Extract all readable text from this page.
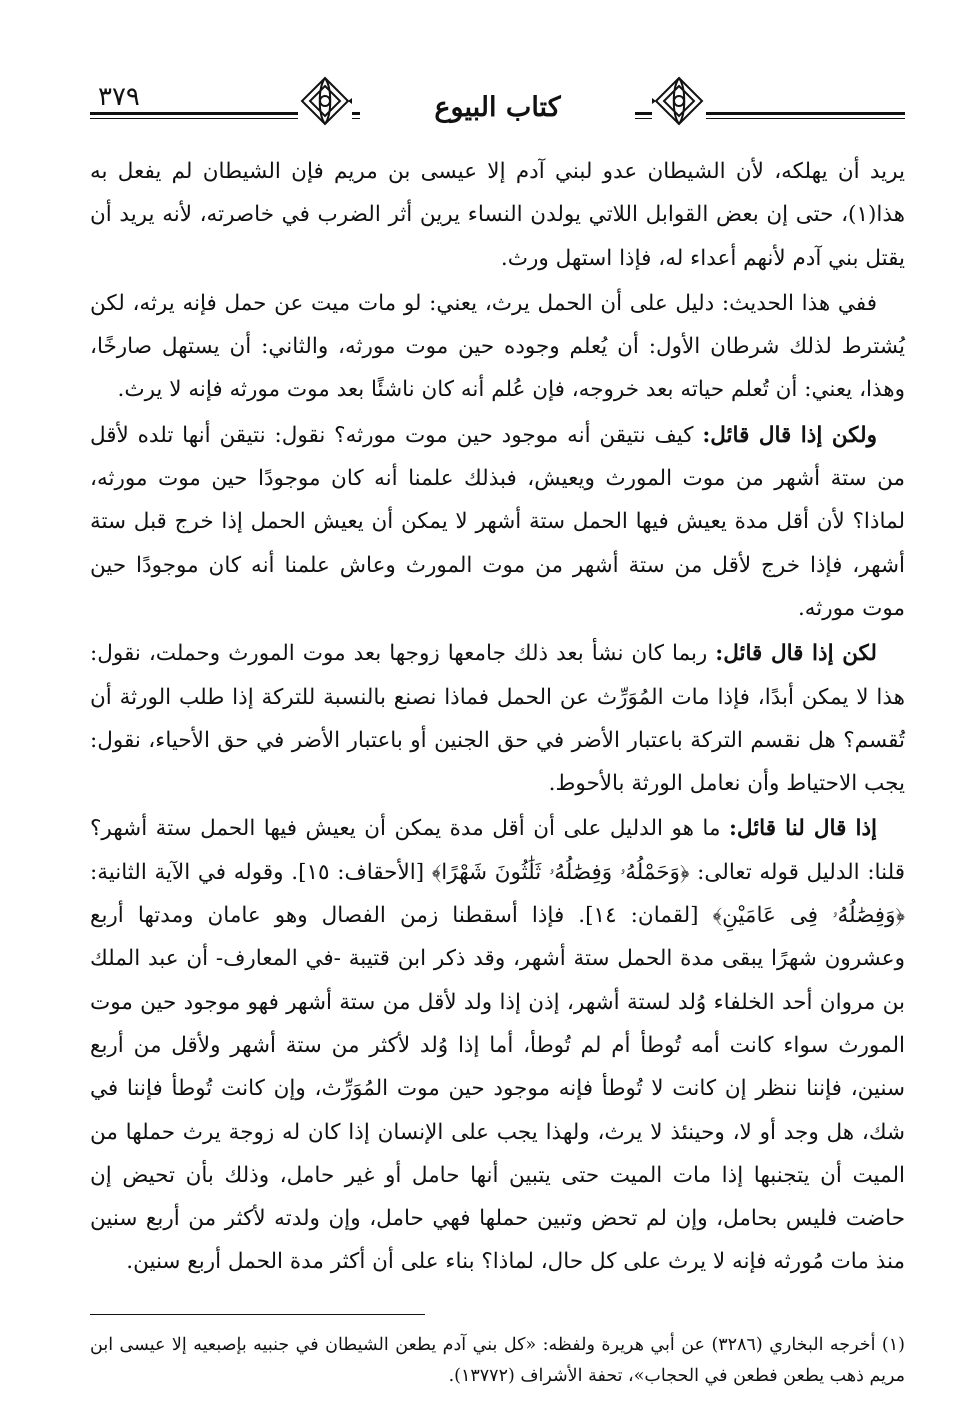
٣٧٩	كتاب البيوع

يريد أن يهلكه، لأن الشيطان عدو لبني آدم إلا عيسى بن مريم فإن الشيطان لم يفعل به هذا(١)، حتى إن بعض القوابل اللاتي يولدن النساء يرين أثر الضرب في خاصرته، لأنه يريد أن يقتل بني آدم لأنهم أعداء له، فإذا استهل ورث.

ففي هذا الحديث: دليل على أن الحمل يرث، يعني: لو مات ميت عن حمل فإنه يرثه، لكن يُشترط لذلك شرطان الأول: أن يُعلم وجوده حين موت مورثه، والثاني: أن يستهل صارخًا، وهذا، يعني: أن تُعلم حياته بعد خروجه، فإن عُلم أنه كان ناشئًا بعد موت مورثه فإنه لا يرث.

ولكن إذا قال قائل: كيف نتيقن أنه موجود حين موت مورثه؟ نقول: نتيقن أنها تلده لأقل من ستة أشهر من موت المورث ويعيش، فبذلك علمنا أنه كان موجودًا حين موت مورثه، لماذا؟ لأن أقل مدة يعيش فيها الحمل ستة أشهر لا يمكن أن يعيش الحمل إذا خرج قبل ستة أشهر، فإذا خرج لأقل من ستة أشهر من موت المورث وعاش علمنا أنه كان موجودًا حين موت مورثه.

لكن إذا قال قائل: ربما كان نشأ بعد ذلك جامعها زوجها بعد موت المورث وحملت، نقول: هذا لا يمكن أبدًا، فإذا مات المُوَرِّث عن الحمل فماذا نصنع بالنسبة للتركة إذا طلب الورثة أن تُقسم؟ هل نقسم التركة باعتبار الأضر في حق الجنين أو باعتبار الأضر في حق الأحياء، نقول: يجب الاحتياط وأن نعامل الورثة بالأحوط.

إذا قال لنا قائل: ما هو الدليل على أن أقل مدة يمكن أن يعيش فيها الحمل ستة أشهر؟ قلنا: الدليل قوله تعالى: ﴿وَحَمْلُهُۥ وَفِصَٰلُهُۥ ثَلَٰثُونَ شَهْرًا﴾ [الأحقاف: ١٥]. وقوله في الآية الثانية: ﴿وَفِصَٰلُهُۥ فِى عَامَيْنِ﴾ [لقمان: ١٤]. فإذا أسقطنا زمن الفصال وهو عامان ومدتها أربع وعشرون شهرًا يبقى مدة الحمل ستة أشهر، وقد ذكر ابن قتيبة -في المعارف- أن عبد الملك بن مروان أحد الخلفاء وُلد لستة أشهر، إذن إذا ولد لأقل من ستة أشهر فهو موجود حين موت المورث سواء كانت أمه تُوطأ أم لم تُوطأ، أما إذا وُلد لأكثر من ستة أشهر ولأقل من أربع سنين، فإننا ننظر إن كانت لا تُوطأ فإنه موجود حين موت المُوَرِّث، وإن كانت تُوطأ فإننا في شك، هل وجد أو لا، وحينئذ لا يرث، ولهذا يجب على الإنسان إذا كان له زوجة يرث حملها من الميت أن يتجنبها إذا مات الميت حتى يتبين أنها حامل أو غير حامل، وذلك بأن تحيض إن حاضت فليس بحامل، وإن لم تحض وتبين حملها فهي حامل، وإن ولدته لأكثر من أربع سنين منذ مات مُورثه فإنه لا يرث على كل حال، لماذا؟ بناء على أن أكثر مدة الحمل أربع سنين.

(١) أخرجه البخاري (٣٢٨٦) عن أبي هريرة ولفظه: «كل بني آدم يطعن الشيطان في جنبيه بإصبعيه إلا عيسى ابن مريم ذهب يطعن فطعن في الحجاب»، تحفة الأشراف (١٣٧٧٢).
